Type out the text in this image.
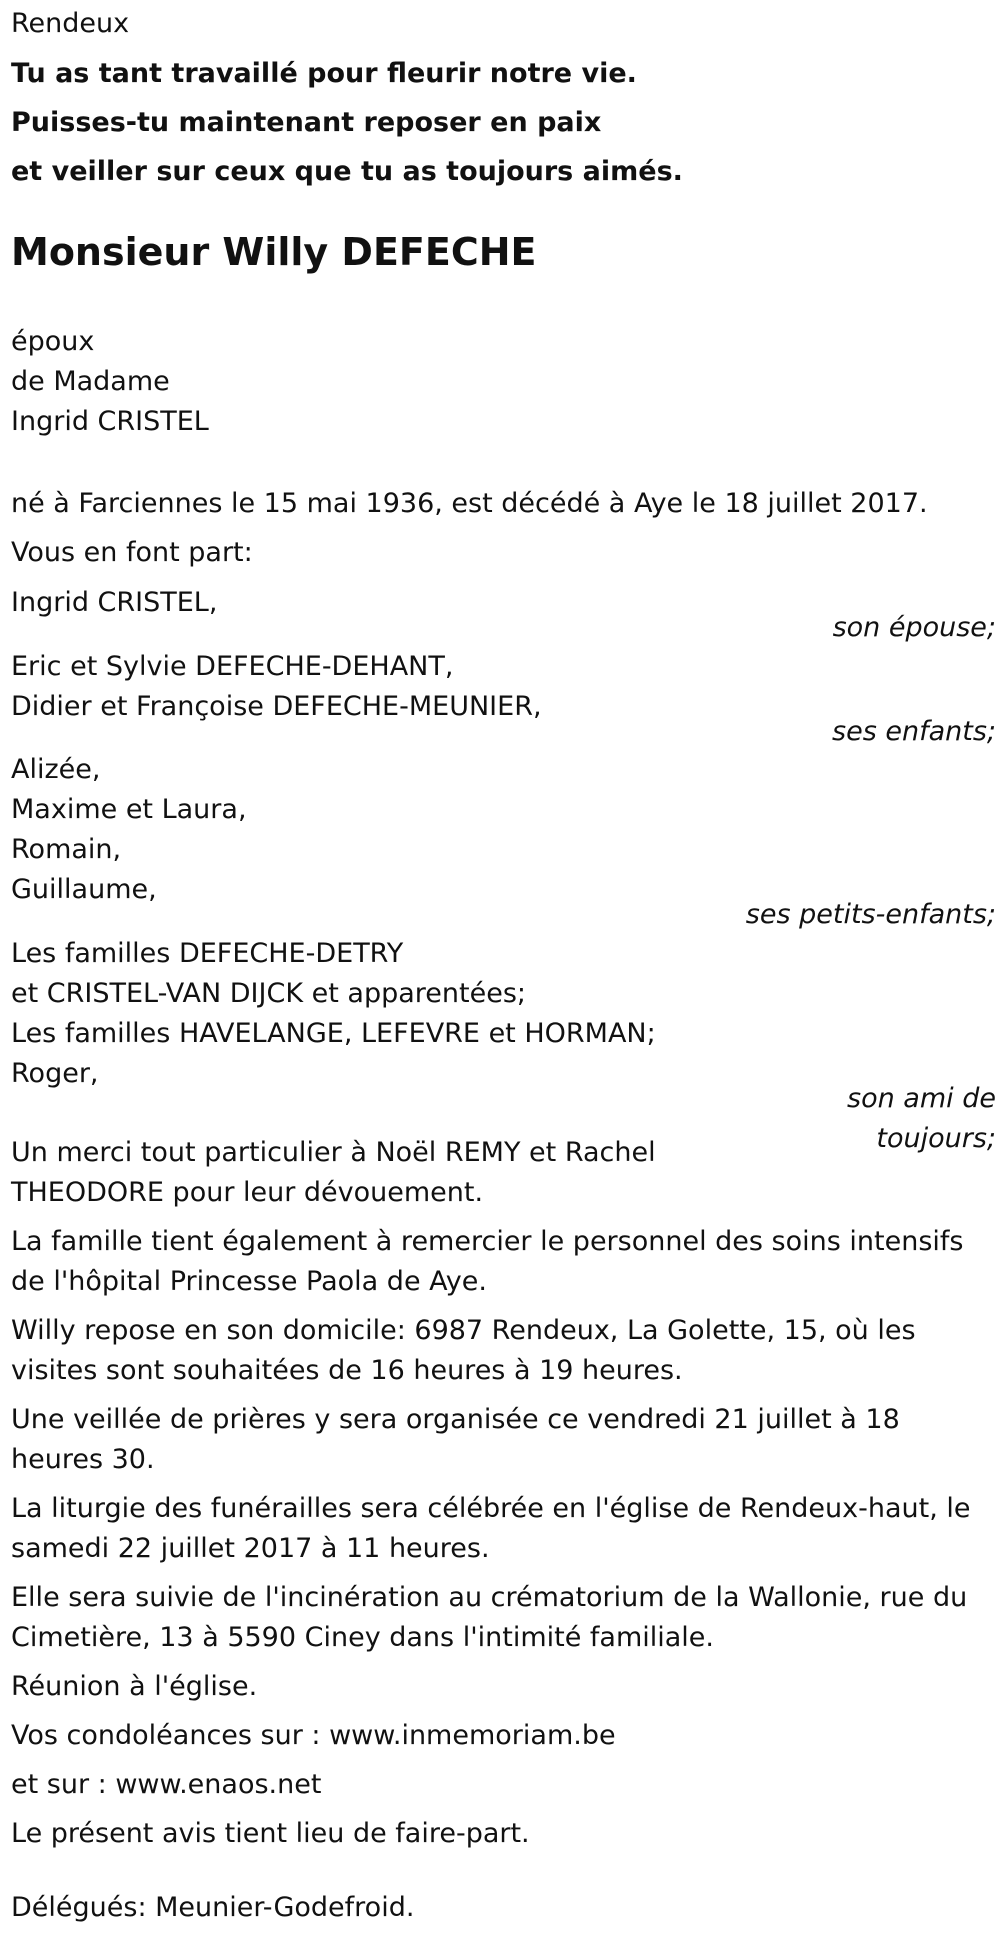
Rendeux
Tu as tant travaillé pour fleurir notre vie.
Puisses-tu maintenant reposer en paix
et veiller sur ceux que tu as toujours aimés.
Monsieur Willy DEFECHE
époux
de Madame
Ingrid CRISTEL
né à Farciennes le 15 mai 1936, est décédé à Aye le 18 juillet 2017.
Vous en font part:
Ingrid CRISTEL,
son épouse;
Eric et Sylvie DEFECHE-DEHANT,
Didier et Françoise DEFECHE-MEUNIER,
ses enfants;
Alizée,
Maxime et Laura,
Romain,
Guillaume,
ses petits-enfants;
Les familles DEFECHE-DETRY
et CRISTEL-VAN DIJCK et apparentées;
Les familles HAVELANGE, LEFEVRE et HORMAN;
Roger,
son ami de
toujours;
Un merci tout particulier à Noël REMY et Rachel
THEODORE pour leur dévouement.
La famille tient également à remercier le personnel des soins intensifs de l'hôpital Princesse Paola de Aye.
Willy repose en son domicile: 6987 Rendeux, La Golette, 15, où les visites sont souhaitées de 16 heures à 19 heures.
Une veillée de prières y sera organisée ce vendredi 21 juillet à 18 heures 30.
La liturgie des funérailles sera célébrée en l'église de Rendeux-haut, le samedi 22 juillet 2017 à 11 heures.
Elle sera suivie de l'incinération au crématorium de la Wallonie, rue du Cimetière, 13 à 5590 Ciney dans l'intimité familiale.
Réunion à l'église.
Vos condoléances sur : www.inmemoriam.be
et sur : www.enaos.net
Le présent avis tient lieu de faire-part.
Délégués: Meunier-Godefroid.
